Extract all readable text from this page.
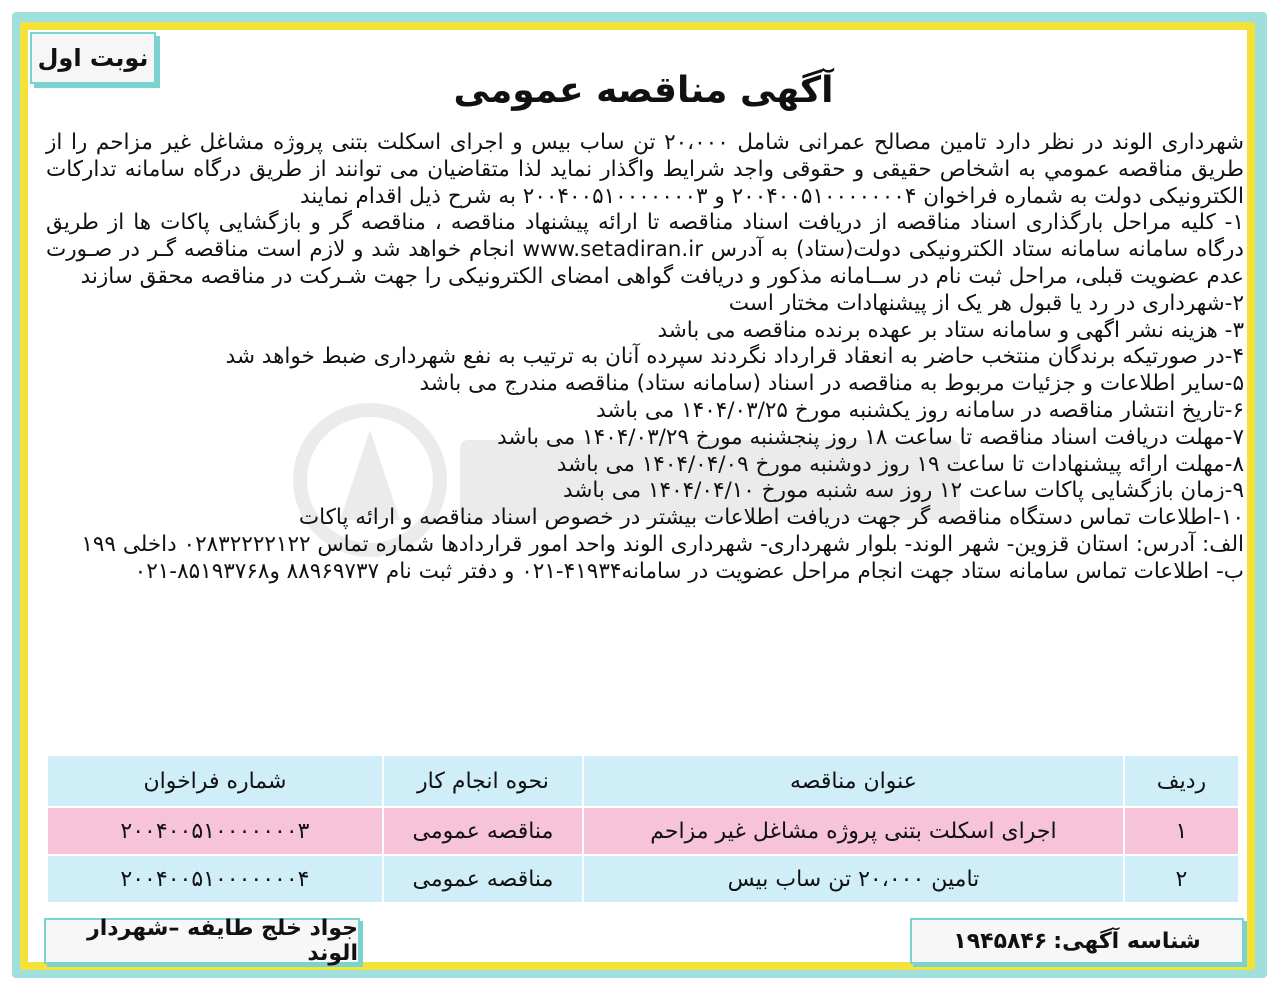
نوبت اول
آگهی مناقصه عمومی

شهرداری الوند در نظر دارد تامین مصالح عمرانی شامل ۲۰،۰۰۰ تن ساب بیس و اجرای اسکلت بتنی پروژه مشاغل غیر مزاحم را از طریق مناقصه عمومي به اشخاص حقیقی و حقوقی واجد شرایط واگذار نماید لذا متقاضیان می توانند از طریق درگاه سامانه تدارکات الکترونیکی دولت به شماره فراخوان ۲۰۰۴۰۰۵۱۰۰۰۰۰۰۰۴ و ۲۰۰۴۰۰۵۱۰۰۰۰۰۰۰۳ به شرح ذیل اقدام نمایند

۱- کلیه مراحل بارگذاری اسناد مناقصه از دریافت اسناد مناقصه تا ارائه پیشنهاد مناقصه ، مناقصه گر و بازگشایی پاکات ها از طریق درگاه سامانه سامانه ستاد الکترونیکی دولت(ستاد) به آدرس www.setadiran.ir انجام خواهد شد و لازم است مناقصه گـر در صـورت عدم عضویت قبلی، مراحل ثبت نام در ســامانه مذکور و دریافت گواهی امضای الکترونیکی را جهت شـرکت در مناقصه محقق سازند

۲-شهرداری در رد یا قبول هر یک از پیشنهادات مختار است

۳- هزینه نشر اگهی و سامانه ستاد بر عهده برنده مناقصه می باشد

۴-در صورتیکه برندگان منتخب حاضر به انعقاد قرارداد نگردند سپرده آنان به ترتیب به نفع شهرداری ضبط خواهد شد

۵-سایر اطلاعات و جزئیات مربوط به مناقصه در اسناد (سامانه ستاد) مناقصه مندرج می باشد

۶-تاریخ انتشار مناقصه در سامانه روز یکشنبه مورخ ۱۴۰۴/۰۳/۲۵ می باشد

۷-مهلت دریافت اسناد مناقصه تا ساعت ۱۸ روز پنجشنبه مورخ ۱۴۰۴/۰۳/۲۹ می باشد

۸-مهلت ارائه پیشنهادات تا ساعت ۱۹ روز دوشنبه مورخ ۱۴۰۴/۰۴/۰۹ می باشد

۹-زمان بازگشایی پاکات ساعت ۱۲ روز سه شنبه مورخ ۱۴۰۴/۰۴/۱۰ می باشد

۱۰-اطلاعات تماس دستگاه مناقصه گر جهت دریافت اطلاعات بیشتر در خصوص اسناد مناقصه و ارائه پاکات

الف: آدرس: استان قزوین- شهر الوند- بلوار شهرداری- شهرداری الوند واحد امور قراردادها شماره تماس ۰۲۸۳۲۲۲۲۱۲۲ داخلی ۱۹۹

ب- اطلاعات تماس سامانه ستاد جهت انجام مراحل عضویت در سامانه۴۱۹۳۴-۰۲۱ و دفتر ثبت نام ۸۸۹۶۹۷۳۷ و۸۵۱۹۳۷۶۸-۰۲۱

ردیف	عنوان مناقصه	نحوه انجام کار	شماره فراخوان
۱	اجرای اسکلت بتنی پروژه مشاغل غیر مزاحم	مناقصه عمومی	۲۰۰۴۰۰۵۱۰۰۰۰۰۰۰۳
۲	تامین ۲۰،۰۰۰ تن ساب بیس	مناقصه عمومی	۲۰۰۴۰۰۵۱۰۰۰۰۰۰۰۴
شناسه آگهی:
۱۹۴۵۸۴۶
جواد خلج طایفه –شهردار الوند
